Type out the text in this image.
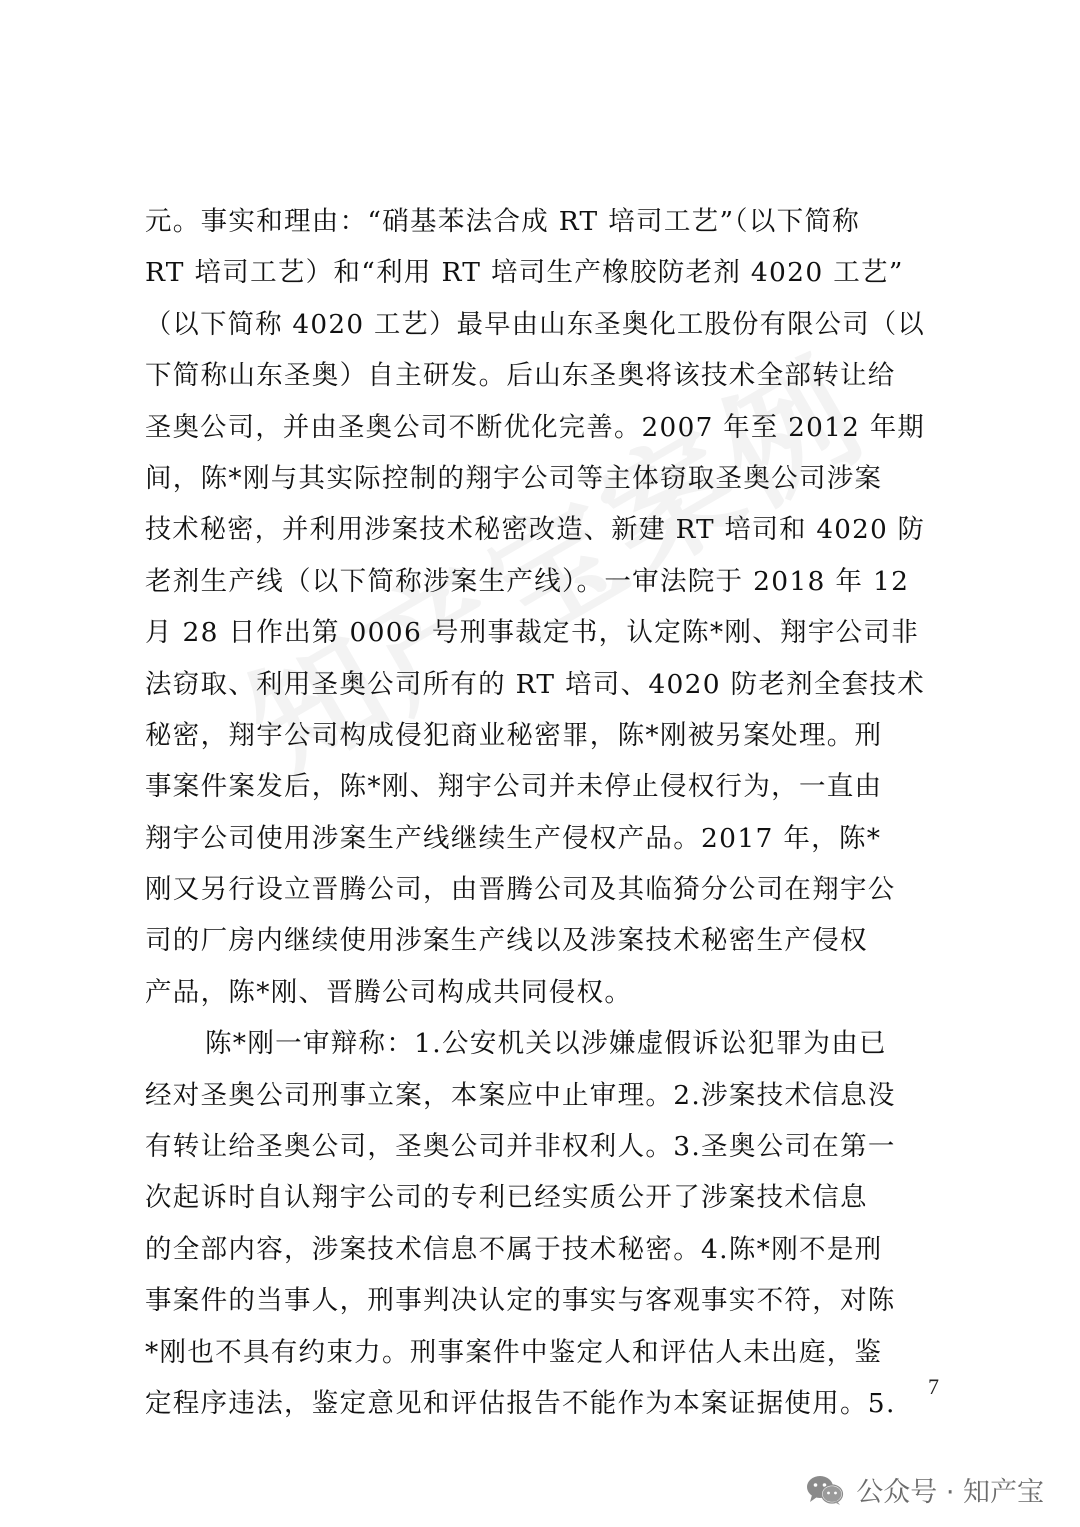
元。事实和理由：“硝基苯法合成 RT 培司工艺”（以下简称
RT 培司工艺）和“利用 RT 培司生产橡胶防老剂 4020 工艺”
（以下简称 4020 工艺）最早由山东圣奥化工股份有限公司（以
下简称山东圣奥）自主研发。后山东圣奥将该技术全部转让给
圣奥公司，并由圣奥公司不断优化完善。2007 年至 2012 年期
间，陈*刚与其实际控制的翔宇公司等主体窃取圣奥公司涉案
技术秘密，并利用涉案技术秘密改造、新建 RT 培司和 4020 防
老剂生产线（以下简称涉案生产线）。一审法院于 2018 年 12
月 28 日作出第 0006 号刑事裁定书，认定陈*刚、翔宇公司非
法窃取、利用圣奥公司所有的 RT 培司、4020 防老剂全套技术
秘密，翔宇公司构成侵犯商业秘密罪，陈*刚被另案处理。刑
事案件案发后，陈*刚、翔宇公司并未停止侵权行为，一直由
翔宇公司使用涉案生产线继续生产侵权产品。2017 年，陈*
刚又另行设立晋腾公司，由晋腾公司及其临猗分公司在翔宇公
司的厂房内继续使用涉案生产线以及涉案技术秘密生产侵权
产品，陈*刚、晋腾公司构成共同侵权。
陈*刚一审辩称：1.公安机关以涉嫌虚假诉讼犯罪为由已
经对圣奥公司刑事立案，本案应中止审理。2.涉案技术信息没
有转让给圣奥公司，圣奥公司并非权利人。3.圣奥公司在第一
次起诉时自认翔宇公司的专利已经实质公开了涉案技术信息
的全部内容，涉案技术信息不属于技术秘密。4.陈*刚不是刑
事案件的当事人，刑事判决认定的事实与客观事实不符，对陈
*刚也不具有约束力。刑事案件中鉴定人和评估人未出庭，鉴
定程序违法，鉴定意见和评估报告不能作为本案证据使用。5.
7
公众号 · 知产宝
